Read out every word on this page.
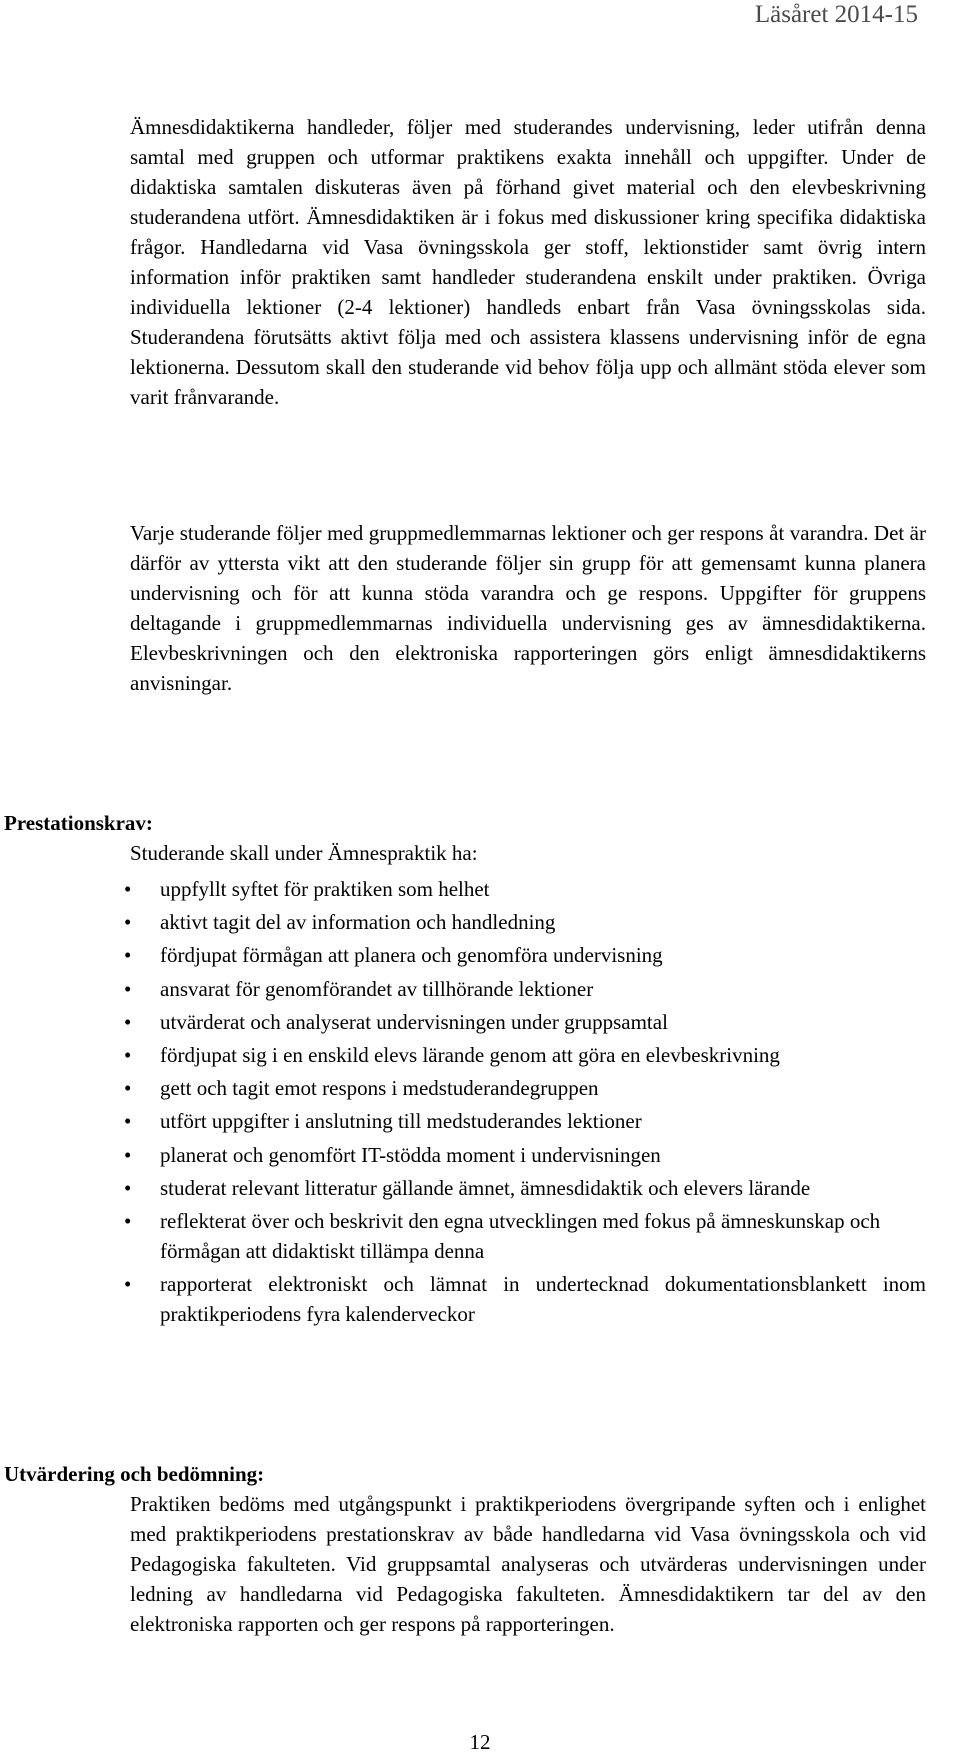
Läsåret 2014-15

Ämnesdidaktikerna handleder, följer med studerandes undervisning, leder utifrån denna samtal med gruppen och utformar praktikens exakta innehåll och uppgifter. Under de didaktiska samtalen diskuteras även på förhand givet material och den elevbeskrivning studerandena utfört. Ämnesdidaktiken är i fokus med diskussioner kring specifika didaktiska frågor. Handledarna vid Vasa övningsskola ger stoff, lektionstider samt övrig intern information inför praktiken samt handleder studerandena enskilt under praktiken. Övriga individuella lektioner (2-4 lektioner) handleds enbart från Vasa övningsskolas sida. Studerandena förutsätts aktivt följa med och assistera klassens undervisning inför de egna lektionerna. Dessutom skall den studerande vid behov följa upp och allmänt stöda elever som varit frånvarande.

Varje studerande följer med gruppmedlemmarnas lektioner och ger respons åt varandra. Det är därför av yttersta vikt att den studerande följer sin grupp för att gemensamt kunna planera undervisning och för att kunna stöda varandra och ge respons. Uppgifter för gruppens deltagande i gruppmedlemmarnas individuella undervisning ges av ämnesdidaktikerna. Elevbeskrivningen och den elektroniska rapporteringen görs enligt ämnesdidaktikerns anvisningar.

Prestationskrav:
Studerande skall under Ämnespraktik ha:
• uppfyllt syftet för praktiken som helhet
• aktivt tagit del av information och handledning
• fördjupat förmågan att planera och genomföra undervisning
• ansvarat för genomförandet av tillhörande lektioner
• utvärderat och analyserat undervisningen under gruppsamtal
• fördjupat sig i en enskild elevs lärande genom att göra en elevbeskrivning
• gett och tagit emot respons i medstuderandegruppen
• utfört uppgifter i anslutning till medstuderandes lektioner
• planerat och genomfört IT-stödda moment i undervisningen
• studerat relevant litteratur gällande ämnet, ämnesdidaktik och elevers lärande
• reflekterat över och beskrivit den egna utvecklingen med fokus på ämneskunskap och förmågan att didaktiskt tillämpa denna
• rapporterat elektroniskt och lämnat in undertecknad dokumentationsblankett inom praktikperiodens fyra kalenderveckor
Utvärdering och bedömning:
Praktiken bedöms med utgångspunkt i praktikperiodens övergripande syften och i enlighet med praktikperiodens prestationskrav av både handledarna vid Vasa övningsskola och vid Pedagogiska fakulteten. Vid gruppsamtal analyseras och utvärderas undervisningen under ledning av handledarna vid Pedagogiska fakulteten. Ämnesdidaktikern tar del av den elektroniska rapporten och ger respons på rapporteringen.
12
